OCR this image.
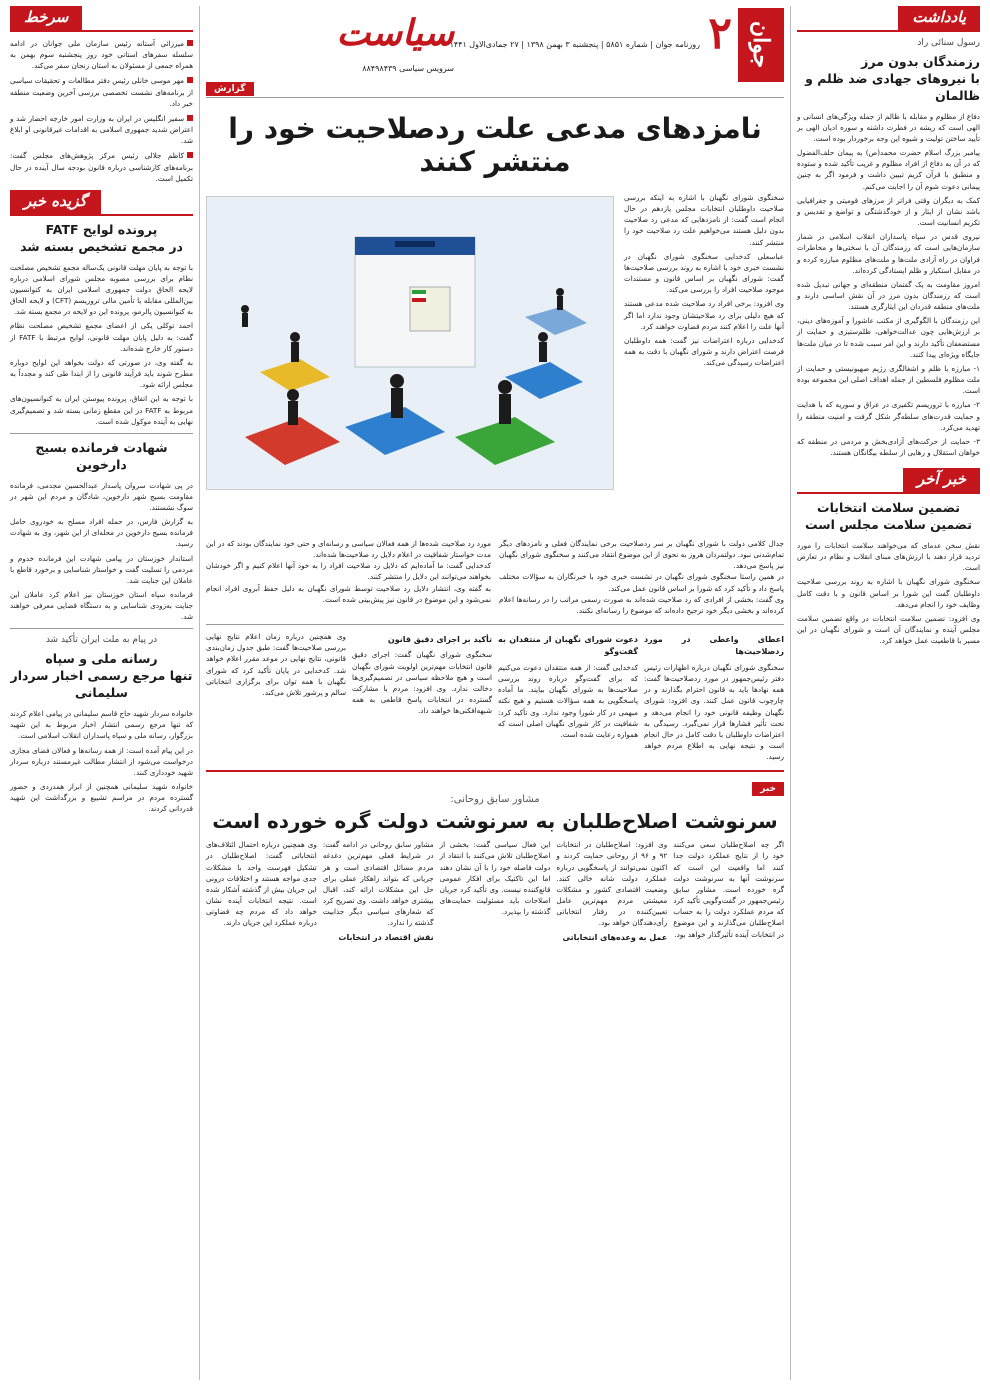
یادداشت
رسول سنائی راد
رزمندگان بدون مرز
با نیروهای جهادی ضد ظلم و ظالمان

دفاع از مظلوم و مقابله با ظالم از جمله ویژگی‌های انسانی و الهی است که ریشه در فطرت داشته و سوره ادیان الهی بر تأیید ساختن تولیت و شیوه این وجه برخوردار بوده است.

پیامبر بزرگ اسلام حضرت محمد(ص) به پیمان حلف‌الفضول که در آن به دفاع از افراد مظلوم و غریب تأکید شده و ستوده و منطبق با قرآن کریم تبیین داشت و فرمود اگر به چنین پیمانی دعوت شوم آن را اجابت می‌کنم.

کمک به دیگران وقتی فراتر از مرزهای قومیتی و جغرافیایی باشد نشان از ایثار و از خودگذشتگی و تواضع و تقدیس و تکریم انسانیت است.

نیروی قدس در سپاه پاسداران انقلاب اسلامی در شمار سازمان‌هایی است که رزمندگان آن با سختی‌ها و مخاطرات فراوان در راه آزادی ملت‌ها و ملت‌های مظلوم مبارزه کرده و در مقابل استکبار و ظلم ایستادگی کرده‌اند.

امروز مقاومت به یک گفتمان منطقه‌ای و جهانی تبدیل شده است که رزمندگان بدون مرز در آن نقش اساسی دارند و ملت‌های منطقه قدردان این ایثارگری هستند.

این رزمندگان با الگوگیری از مکتب عاشورا و آموزه‌های دینی، بر ارزش‌هایی چون عدالت‌خواهی، ظلم‌ستیزی و حمایت از مستضعفان تأکید دارند و این امر سبب شده تا در میان ملت‌ها جایگاه ویژه‌ای پیدا کنند.

۱- مبارزه با ظلم و اشغالگری رژیم صهیونیستی و حمایت از ملت مظلوم فلسطین از جمله اهداف اصلی این مجموعه بوده است.

۲- مبارزه با تروریسم تکفیری در عراق و سوریه که با هدایت و حمایت قدرت‌های سلطه‌گر شکل گرفت و امنیت منطقه را تهدید می‌کرد.

۳- حمایت از حرکت‌های آزادی‌بخش و مردمی در منطقه که خواهان استقلال و رهایی از سلطه بیگانگان هستند.

خبر آخر
تضمین سلامت انتخابات
تضمین سلامت مجلس است

نقش سخن عدمای که می‌خواهند سلامت انتخابات را مورد تردید قرار دهند با ارزش‌های مبنای انقلاب و نظام در تعارض است.

سخنگوی شورای نگهبان با اشاره به روند بررسی صلاحیت داوطلبان گفت این شورا بر اساس قانون و با دقت کامل وظایف خود را انجام می‌دهد.

وی افزود: تضمین سلامت انتخابات در واقع تضمین سلامت مجلس آینده و نمایندگان آن است و شورای نگهبان در این مسیر با قاطعیت عمل خواهد کرد.

سرخط
میرزائی آستانه رئیس سازمان ملی جوانان در ادامه سلسله سفرهای استانی خود روز پنجشنبه سوم بهمن به همراه جمعی از مسئولان به استان زنجان سفر می‌کند.
مهر موسی خانلی رئیس دفتر مطالعات و تحقیقات سیاسی از برنامه‌های نشست تخصصی بررسی آخرین وضعیت منطقه خبر داد.
سفیر انگلیس در ایران به وزارت امور خارجه احضار شد و اعتراض شدید جمهوری اسلامی به اقدامات غیرقانونی او ابلاغ شد.
کاظم جلالی رئیس مرکز پژوهش‌های مجلس گفت: برنامه‌های کارشناسی درباره قانون بودجه سال آینده در حال تکمیل است.
گزیده خبر
پرونده لوایح FATF
در مجمع تشخیص بسته شد

با توجه به پایان مهلت قانونی یک‌ساله مجمع تشخیص مصلحت نظام برای بررسی مصوبه مجلس شورای اسلامی درباره لایحه الحاق دولت جمهوری اسلامی ایران به کنوانسیون بین‌المللی مقابله با تأمین مالی تروریسم (CFT) و لایحه الحاق به کنوانسیون پالرمو، پرونده این دو لایحه در مجمع بسته شد.

احمد توکلی یکی از اعضای مجمع تشخیص مصلحت نظام گفت: به دلیل پایان مهلت قانونی، لوایح مرتبط با FATF از دستور کار خارج شده‌اند.

به گفته وی، در صورتی که دولت بخواهد این لوایح دوباره مطرح شوند باید فرآیند قانونی را از ابتدا طی کند و مجدداً به مجلس ارائه شود.

با توجه به این اتفاق، پرونده پیوستن ایران به کنوانسیون‌های مربوط به FATF در این مقطع زمانی بسته شد و تصمیم‌گیری نهایی به آینده موکول شده است.

شهادت فرمانده بسیج دارخوین

در پی شهادت سروان پاسدار عبدالحسین مجدمی، فرمانده مقاومت بسیج شهر دارخوین، شادگان و مردم این شهر در سوگ نشستند.

به گزارش فارس، در حمله افراد مسلح به خودروی حامل فرمانده بسیج دارخوین در محله‌ای از این شهر، وی به شهادت رسید.

استاندار خوزستان در پیامی شهادت این فرمانده خدوم و مردمی را تسلیت گفت و خواستار شناسایی و برخورد قاطع با عاملان این جنایت شد.

فرمانده سپاه استان خوزستان نیز اعلام کرد عاملان این جنایت به‌زودی شناسایی و به دستگاه قضایی معرفی خواهند شد.

در پیام به ملت ایران تأکید شد
رسانه ملی و سپاه
تنها مرجع رسمی اخبار سردار سلیمانی

خانواده سردار شهید حاج قاسم سلیمانی در پیامی اعلام کردند که تنها مرجع رسمی انتشار اخبار مربوط به این شهید بزرگوار، رسانه ملی و سپاه پاسداران انقلاب اسلامی است.

در این پیام آمده است: از همه رسانه‌ها و فعالان فضای مجازی درخواست می‌شود از انتشار مطالب غیرمستند درباره سردار شهید خودداری کنند.

خانواده شهید سلیمانی همچنین از ابراز همدردی و حضور گسترده مردم در مراسم تشییع و بزرگداشت این شهید قدردانی کردند.

جوان
۲
روزنامه جوان | شماره ۵۸۵۱ | پنجشنبه ۳ بهمن ۱۳۹۸ | ۲۷ جمادی‌الاول ۱۴۴۱
سیاست
سرویس سیاسی ۸۸۴۹۸۴۳۹
گزارش
نامزدهای مدعی علت ردصلاحیت خود را منتشر کنند

سخنگوی شورای نگهبان با اشاره به اینکه بررسی صلاحیت داوطلبان انتخابات مجلس یازدهم در حال انجام است گفت: از نامزدهایی که مدعی رد صلاحیت بدون دلیل هستند می‌خواهیم علت رد صلاحیت خود را منتشر کنند.

عباسعلی کدخدایی سخنگوی شورای نگهبان در نشست خبری خود با اشاره به روند بررسی صلاحیت‌ها گفت: شورای نگهبان بر اساس قانون و مستندات موجود صلاحیت افراد را بررسی می‌کند.

وی افزود: برخی افراد رد صلاحیت شده مدعی هستند که هیچ دلیلی برای رد صلاحیتشان وجود ندارد اما اگر آنها علت را اعلام کنند مردم قضاوت خواهند کرد.

کدخدایی درباره اعتراضات نیز گفت: همه داوطلبان فرصت اعتراض دارند و شورای نگهبان با دقت به همه اعتراضات رسیدگی می‌کند.

جدال کلامی دولت با شورای نگهبان بر سر ردصلاحیت برخی نمایندگان فعلی و نامزدهای دیگر تمام‌شدنی نبود. دولتمردان هروز به نحوی از این موضوع انتقاد می‌کنند و سخنگوی شورای نگهبان نیز پاسخ می‌دهد.

در همین راستا سخنگوی شورای نگهبان در نشست خبری خود با خبرنگاران به سؤالات مختلف پاسخ داد و تأکید کرد که شورا بر اساس قانون عمل می‌کند.

وی گفت: بخشی از افرادی که رد صلاحیت شده‌اند به صورت رسمی مراتب را در رسانه‌ها اعلام کرده‌اند و بخشی دیگر خود ترجیح داده‌اند که موضوع را رسانه‌ای نکنند.

مورد رد صلاحیت شده‌ها از همه فعالان سیاسی و رسانه‌ای و حتی خود نمایندگان بودند که در این مدت خواستار شفافیت در اعلام دلایل رد صلاحیت‌ها شده‌اند.

کدخدایی گفت: ما آماده‌ایم که دلایل رد صلاحیت افراد را به خود آنها اعلام کنیم و اگر خودشان بخواهند می‌توانند این دلایل را منتشر کنند.

به گفته وی، انتشار دلایل رد صلاحیت توسط شورای نگهبان به دلیل حفظ آبروی افراد انجام نمی‌شود و این موضوع در قانون نیز پیش‌بینی شده است.

اعطای واعطی در مورد ردصلاحیت‌ها
سخنگوی شورای نگهبان درباره اظهارات رئیس دفتر رئیس‌جمهور در مورد ردصلاحیت‌ها گفت: همه نهادها باید به قانون احترام بگذارند و در چارچوب قانون عمل کنند. وی افزود: شورای نگهبان وظیفه قانونی خود را انجام می‌دهد و تحت تأثیر فشارها قرار نمی‌گیرد. رسیدگی به اعتراضات داوطلبان با دقت کامل در حال انجام است و نتیجه نهایی به اطلاع مردم خواهد رسید.
دعوت شورای نگهبان از منتقدان به گفت‌وگو
کدخدایی گفت: از همه منتقدان دعوت می‌کنیم که برای گفت‌وگو درباره روند بررسی صلاحیت‌ها به شورای نگهبان بیایند. ما آماده پاسخگویی به همه سؤالات هستیم و هیچ نکته مبهمی در کار شورا وجود ندارد. وی تأکید کرد: شفافیت در کار شورای نگهبان اصلی است که همواره رعایت شده است.
تأکید بر اجرای دقیق قانون
سخنگوی شورای نگهبان گفت: اجرای دقیق قانون انتخابات مهم‌ترین اولویت شورای نگهبان است و هیچ ملاحظه سیاسی در تصمیم‌گیری‌ها دخالت ندارد. وی افزود: مردم با مشارکت گسترده در انتخابات پاسخ قاطعی به همه شبهه‌افکنی‌ها خواهند داد.
وی همچنین درباره زمان اعلام نتایج نهایی بررسی صلاحیت‌ها گفت: طبق جدول زمان‌بندی قانونی، نتایج نهایی در موعد مقرر اعلام خواهد شد. کدخدایی در پایان تأکید کرد که شورای نگهبان با همه توان برای برگزاری انتخاباتی سالم و پرشور تلاش می‌کند.
خبر
مشاور سابق روحانی:
سرنوشت اصلاح‌طلبان به سرنوشت دولت گره خورده است
اگر چه اصلاح‌طلبان سعی می‌کنند خود را از نتایج عملکرد دولت جدا کنند اما واقعیت این است که سرنوشت آنها به سرنوشت دولت گره خورده است. مشاور سابق رئیس‌جمهور در گفت‌وگویی تأکید کرد که مردم عملکرد دولت را به حساب اصلاح‌طلبان می‌گذارند و این موضوع در انتخابات آینده تأثیرگذار خواهد بود.
وی افزود: اصلاح‌طلبان در انتخابات ۹۲ و ۹۶ از روحانی حمایت کردند و اکنون نمی‌توانند از پاسخگویی درباره عملکرد دولت شانه خالی کنند. وضعیت اقتصادی کشور و مشکلات معیشتی مردم مهم‌ترین عامل تعیین‌کننده در رفتار انتخاباتی رأی‌دهندگان خواهد بود.
عمل به وعده‌های انتخاباتی
این فعال سیاسی گفت: بخشی از اصلاح‌طلبان تلاش می‌کنند با انتقاد از دولت فاصله خود را با آن نشان دهند اما این تاکتیک برای افکار عمومی قانع‌کننده نیست. وی تأکید کرد جریان اصلاحات باید مسئولیت حمایت‌های گذشته را بپذیرد.
مشاور سابق روحانی در ادامه گفت: در شرایط فعلی مهم‌ترین دغدغه مردم مسائل اقتصادی است و هر جریانی که بتواند راهکار عملی برای حل این مشکلات ارائه کند، اقبال بیشتری خواهد داشت. وی تصریح کرد که شعارهای سیاسی دیگر جذابیت گذشته را ندارد.
نقش اقتصاد در انتخابات
وی همچنین درباره احتمال ائتلاف‌های انتخاباتی گفت: اصلاح‌طلبان در تشکیل فهرست واحد با مشکلات جدی مواجه هستند و اختلافات درونی این جریان بیش از گذشته آشکار شده است. نتیجه انتخابات آینده نشان خواهد داد که مردم چه قضاوتی درباره عملکرد این جریان دارند.
